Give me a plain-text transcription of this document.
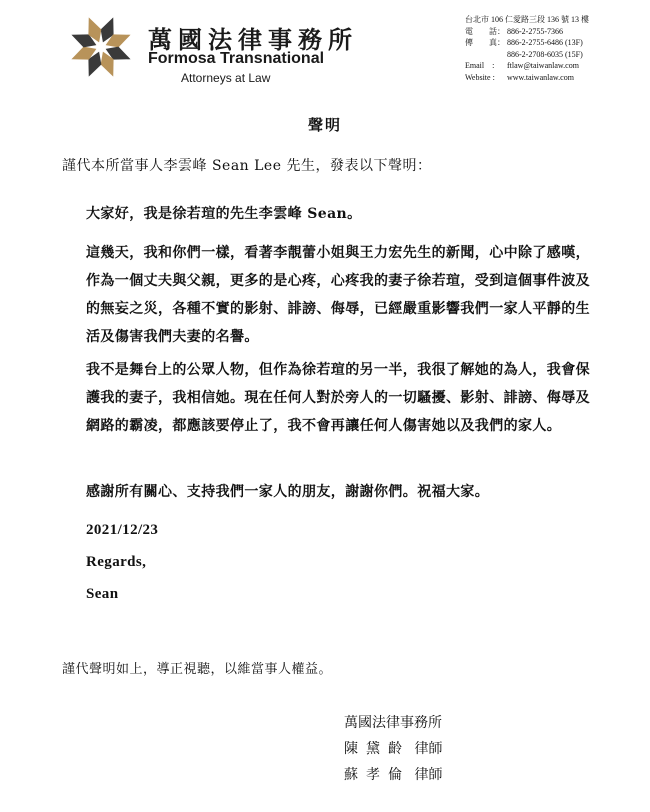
萬國法律事務所
Formosa Transnational
Attorneys at Law
台北市 106 仁愛路三段 136 號 13 樓
電　　話： 886-2-2755-7366
傳　　真： 886-2-2755-6486 (13F)
886-2-2708-6035 (15F)
Email　:	ftlaw@taiwanlaw.com
Website :	www.taiwanlaw.com
聲明
謹代本所當事人李雲峰 Sean Lee 先生，發表以下聲明：
大家好，我是徐若瑄的先生李雲峰 Sean。
這幾天，我和你們一樣，看著李靚蕾小姐與王力宏先生的新聞，心中除了感嘆，作為一個丈夫與父親，更多的是心疼，心疼我的妻子徐若瑄，受到這個事件波及的無妄之災，各種不實的影射、誹謗、侮辱，已經嚴重影響我們一家人平靜的生活及傷害我們夫妻的名譽。
我不是舞台上的公眾人物，但作為徐若瑄的另一半，我很了解她的為人，我會保護我的妻子，我相信她。現在任何人對於旁人的一切騷擾、影射、誹謗、侮辱及網路的霸凌，都應該要停止了，我不會再讓任何人傷害她以及我們的家人。
感謝所有關心、支持我們一家人的朋友，謝謝你們。祝福大家。
2021/12/23
Regards,
Sean
謹代聲明如上，導正視聽，以維當事人權益。
萬國法律事務所
陳黛齡 律師
蘇孝倫 律師
